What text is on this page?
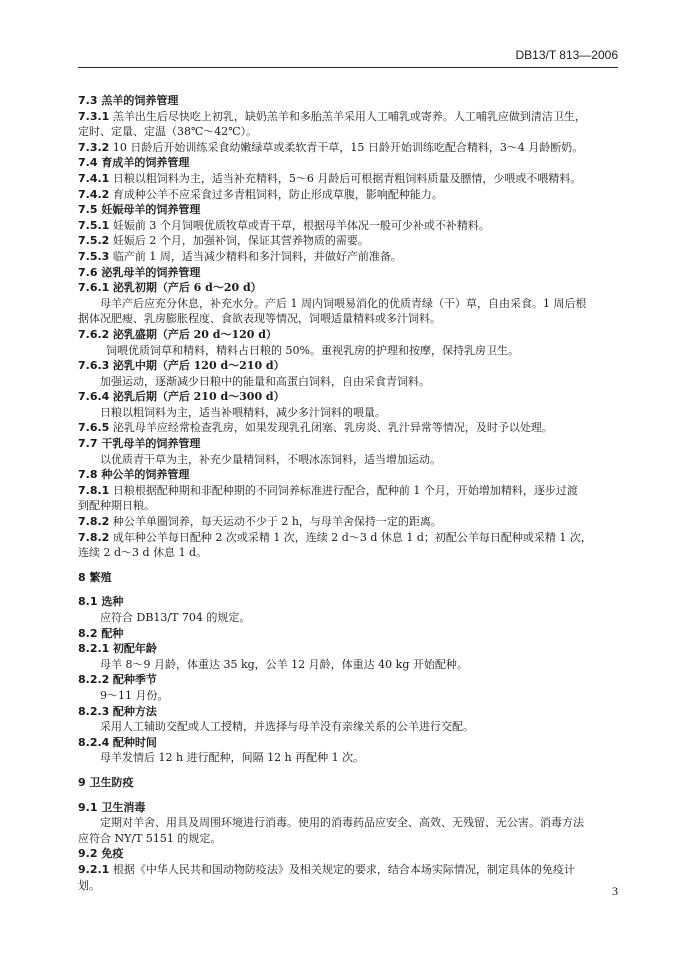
DB13/T 813—2006
7.3 羔羊的饲养管理
7.3.1 羔羊出生后尽快吃上初乳，缺奶羔羊和多胎羔羊采用人工哺乳或寄养。人工哺乳应做到清洁卫生，
定时、定量、定温（38℃～42℃）。
7.3.2 10 日龄后开始训练采食幼嫩绿草或柔软青干草，15 日龄开始训练吃配合精料，3～4 月龄断奶。
7.4 育成羊的饲养管理
7.4.1 日粮以粗饲料为主，适当补充精料，5～6 月龄后可根据青粗饲料质量及膘情，少喂或不喂精料。
7.4.2 育成种公羊不应采食过多青粗饲料，防止形成草腹，影响配种能力。
7.5 妊娠母羊的饲养管理
7.5.1 妊娠前 3 个月饲喂优质牧草或青干草，根据母羊体况一般可少补或不补精料。
7.5.2 妊娠后 2 个月，加强补饲，保证其营养物质的需要。
7.5.3 临产前 1 周，适当减少精料和多汁饲料，并做好产前准备。
7.6 泌乳母羊的饲养管理
7.6.1 泌乳初期（产后 6 d～20 d）
母羊产后应充分休息，补充水分。产后 1 周内饲喂易消化的优质青绿（干）草，自由采食。1 周后根
据体况肥瘦、乳房膨胀程度、食欲表现等情况，饲喂适量精料或多汁饲料。
7.6.2 泌乳盛期（产后 20 d～120 d）
饲喂优质饲草和精料，精料占日粮的 50%。重视乳房的护理和按摩，保持乳房卫生。
7.6.3 泌乳中期（产后 120 d～210 d）
加强运动，逐渐减少日粮中的能量和高蛋白饲料，自由采食青饲料。
7.6.4 泌乳后期（产后 210 d～300 d）
日粮以粗饲料为主，适当补喂精料，减少多汁饲料的喂量。
7.6.5 泌乳母羊应经常检查乳房，如果发现乳孔闭塞、乳房炎、乳汁异常等情况，及时予以处理。
7.7 干乳母羊的饲养管理
以优质青干草为主，补充少量精饲料，不喂冰冻饲料，适当增加运动。
7.8 种公羊的饲养管理
7.8.1 日粮根据配种期和非配种期的不同饲养标准进行配合，配种前 1 个月，开始增加精料，逐步过渡
到配种期日粮。
7.8.2 种公羊单圈饲养，每天运动不少于 2 h，与母羊舍保持一定的距离。
7.8.2 成年种公羊每日配种 2 次或采精 1 次，连续 2 d～3 d 休息 1 d；初配公羊每日配种或采精 1 次，
连续 2 d～3 d 休息 1 d。
8 繁殖
8.1 选种
应符合 DB13/T 704 的规定。
8.2 配种
8.2.1 初配年龄
母羊 8～9 月龄，体重达 35 kg，公羊 12 月龄，体重达 40 kg 开始配种。
8.2.2 配种季节
9～11 月份。
8.2.3 配种方法
采用人工辅助交配或人工授精，并选择与母羊没有亲缘关系的公羊进行交配。
8.2.4 配种时间
母羊发情后 12 h 进行配种，间隔 12 h 再配种 1 次。
9 卫生防疫
9.1 卫生消毒
定期对羊舍、用具及周围环境进行消毒。使用的消毒药品应安全、高效、无残留、无公害。消毒方法
应符合 NY/T 5151 的规定。
9.2 免疫
9.2.1 根据《中华人民共和国动物防疫法》及相关规定的要求，结合本场实际情况，制定具体的免疫计
划。	3
